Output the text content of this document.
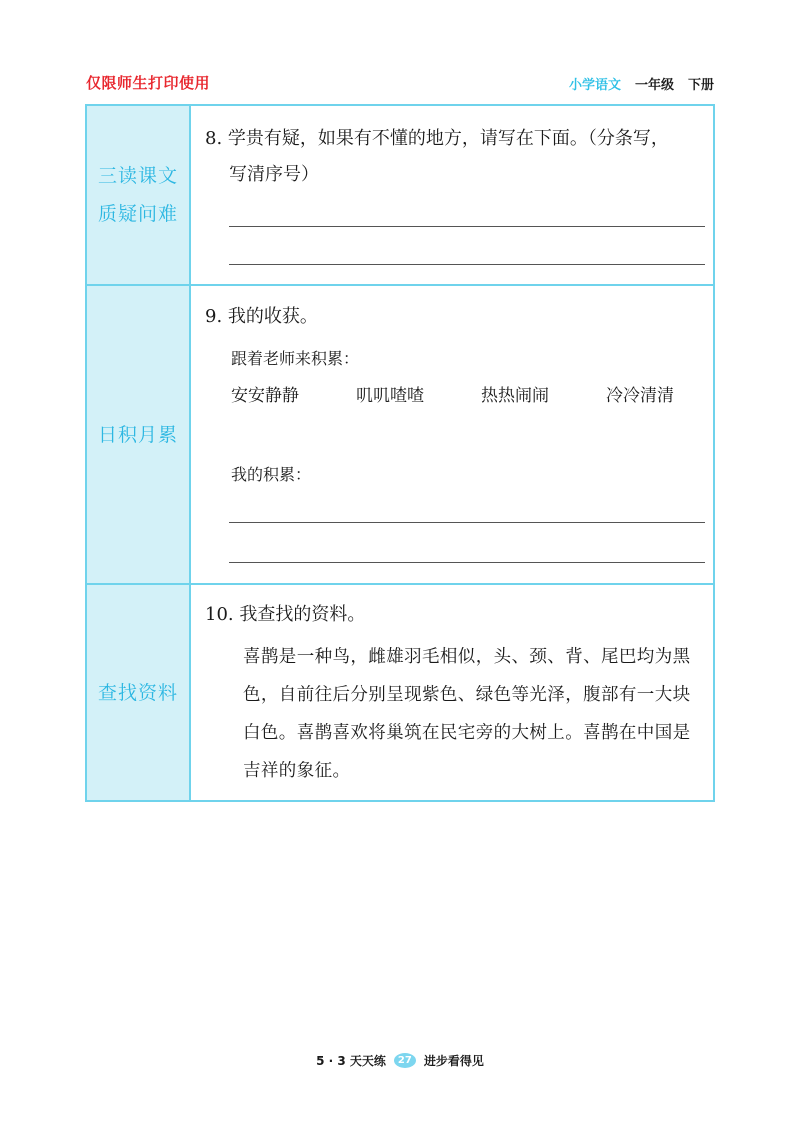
仅限师生打印使用	小学语文 一年级 下册
三读课文
质疑问难
8. 学贵有疑，如果有不懂的地方，请写在下面。（分条写，
写清序号）
日积月累
9. 我的收获。
跟着老师来积累：
安安静静	叽叽喳喳	热热闹闹	冷冷清清
我的积累：
查找资料
10. 我查找的资料。
喜鹊是一种鸟，雌雄羽毛相似，头、颈、背、尾巴均为黑色，自前往后分别呈现紫色、绿色等光泽，腹部有一大块白色。喜鹊喜欢将巢筑在民宅旁的大树上。喜鹊在中国是吉祥的象征。
5 · 3 天天练	27	进步看得见
